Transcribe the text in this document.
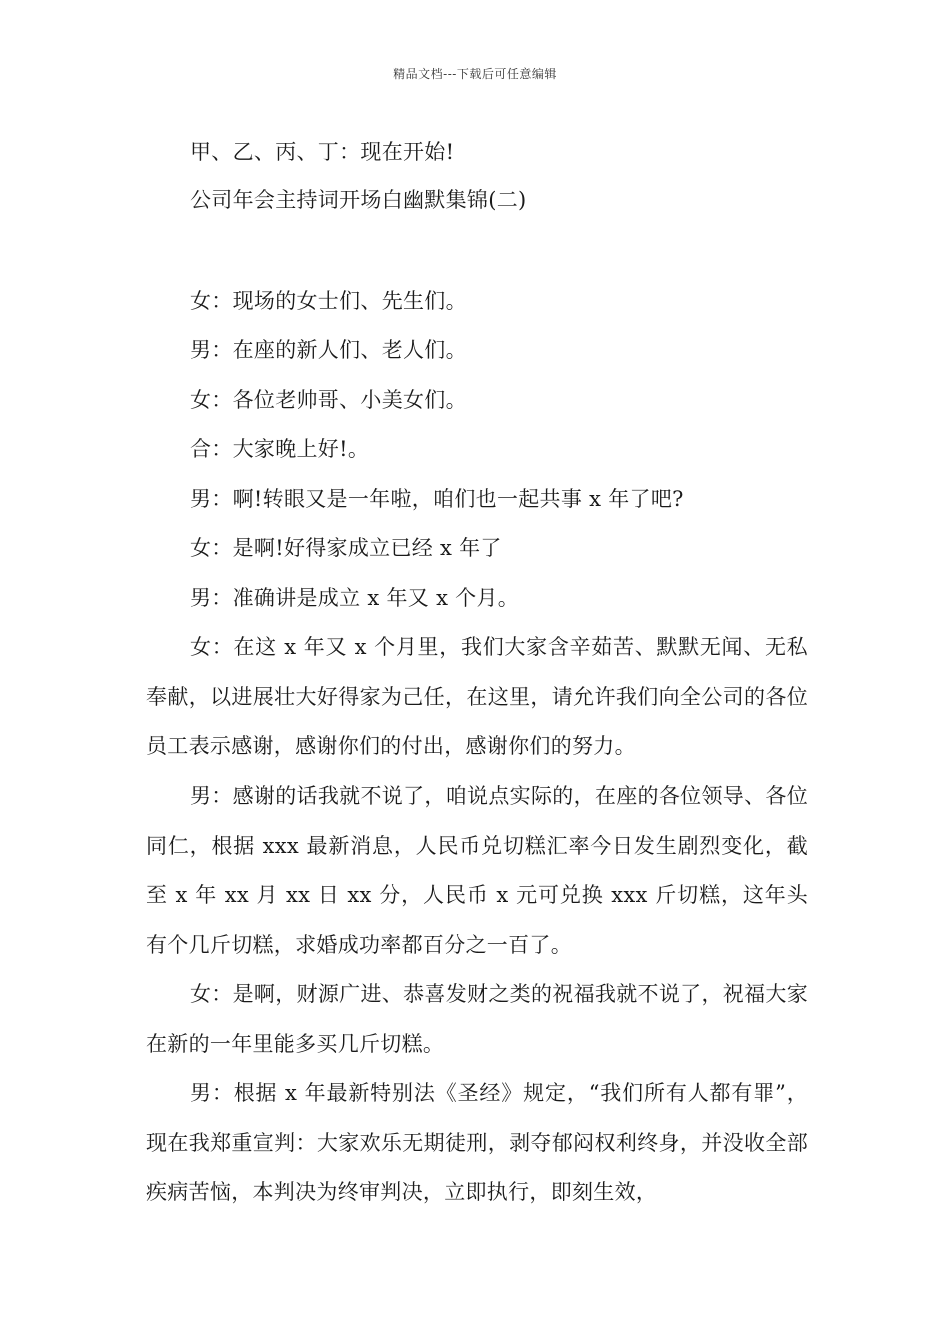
精品文档---下载后可任意编辑
甲、乙、丙、丁：现在开始!
公司年会主持词开场白幽默集锦(二)
女：现场的女士们、先生们。
男：在座的新人们、老人们。
女：各位老帅哥、小美女们。
合：大家晚上好!。
男：啊!转眼又是一年啦，咱们也一起共事 x 年了吧?
女：是啊!好得家成立已经 x 年了
男：准确讲是成立 x 年又 x 个月。
女：在这 x 年又 x 个月里，我们大家含辛茹苦、默默无闻、无私奉献，以进展壮大好得家为己任，在这里，请允许我们向全公司的各位员工表示感谢，感谢你们的付出，感谢你们的努力。
男：感谢的话我就不说了，咱说点实际的，在座的各位领导、各位同仁，根据 xxx 最新消息，人民币兑切糕汇率今日发生剧烈变化，截至 x 年 xx 月 xx 日 xx 分，人民币 x 元可兑换 xxx 斤切糕，这年头有个几斤切糕，求婚成功率都百分之一百了。
女：是啊，财源广进、恭喜发财之类的祝福我就不说了，祝福大家在新的一年里能多买几斤切糕。
男：根据 x 年最新特别法《圣经》规定，“我们所有人都有罪”，现在我郑重宣判：大家欢乐无期徒刑，剥夺郁闷权利终身，并没收全部疾病苦恼，本判决为终审判决，立即执行，即刻生效，
